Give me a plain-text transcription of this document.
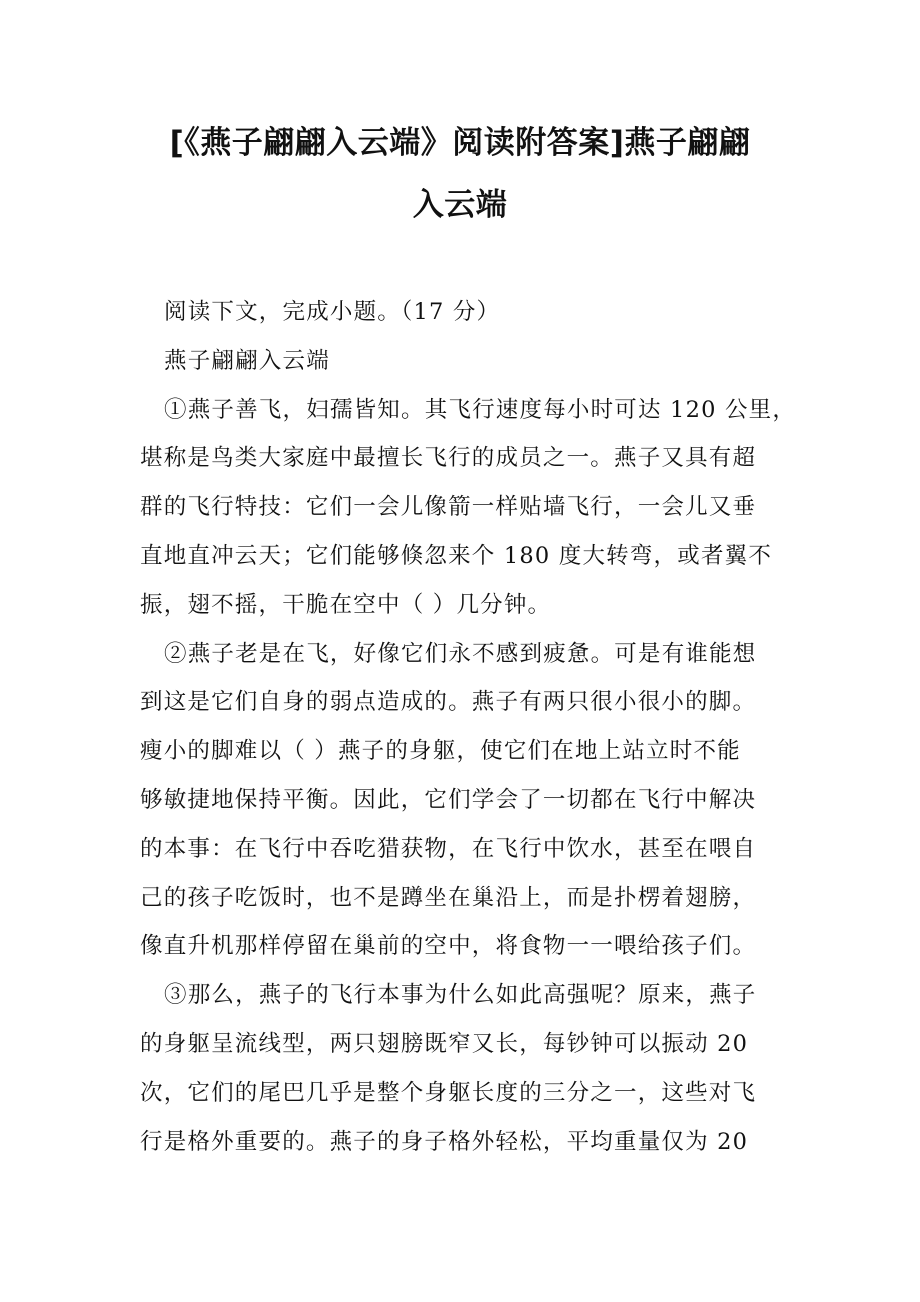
[《燕子翩翩入云端》阅读附答案]燕子翩翩
入云端
阅读下文，完成小题。（17 分）
燕子翩翩入云端
①燕子善飞，妇孺皆知。其飞行速度每小时可达 120 公里，
堪称是鸟类大家庭中最擅长飞行的成员之一。燕子又具有超
群的飞行特技：它们一会儿像箭一样贴墙飞行，一会儿又垂
直地直冲云天；它们能够倏忽来个 180 度大转弯，或者翼不
振，翅不摇，干脆在空中（ ）几分钟。
②燕子老是在飞，好像它们永不感到疲惫。可是有谁能想
到这是它们自身的弱点造成的。燕子有两只很小很小的脚。
瘦小的脚难以（ ）燕子的身躯，使它们在地上站立时不能
够敏捷地保持平衡。因此，它们学会了一切都在飞行中解决
的本事：在飞行中吞吃猎获物，在飞行中饮水，甚至在喂自
己的孩子吃饭时，也不是蹲坐在巢沿上，而是扑楞着翅膀，
像直升机那样停留在巢前的空中，将食物一一喂给孩子们。
③那么，燕子的飞行本事为什么如此高强呢？原来，燕子
的身躯呈流线型，两只翅膀既窄又长，每钞钟可以振动 20
次，它们的尾巴几乎是整个身躯长度的三分之一，这些对飞
行是格外重要的。燕子的身子格外轻松，平均重量仅为 20
